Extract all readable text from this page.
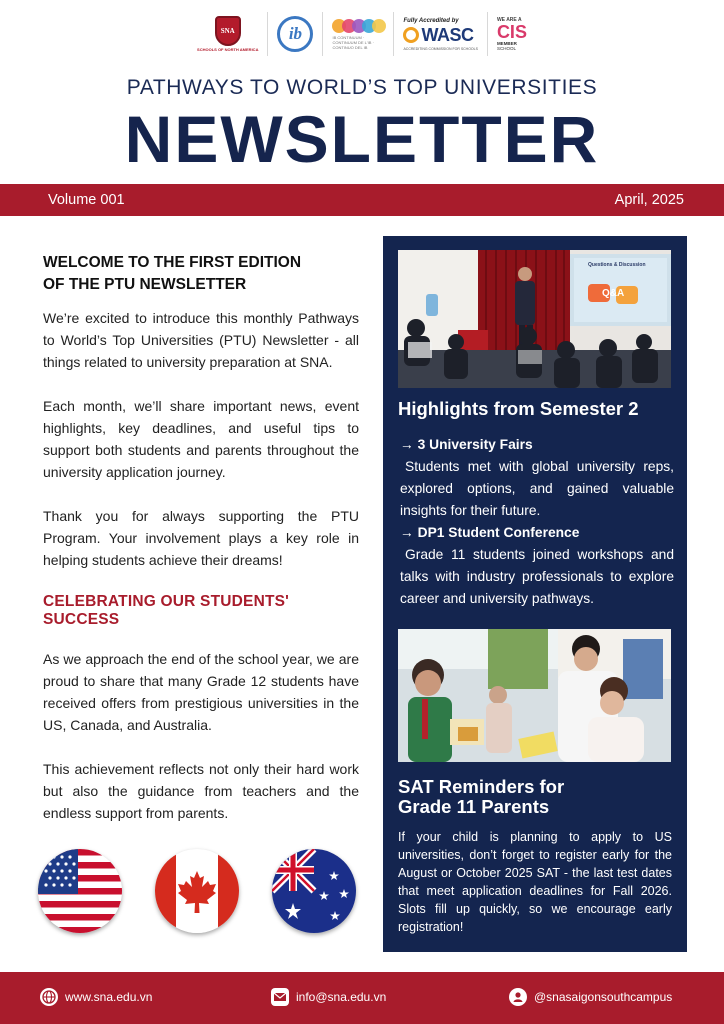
SNA
SCHOOLS OF NORTH AMERICA
ib	IB CONTINUUM · CONTINUUM DE L'IB · CONTINUO DEL IB
Fully Accredited by
WASC
ACCREDITING COMMISSION FOR SCHOOLS
WE ARE A
CIS
MEMBER
SCHOOL
PATHWAYS TO WORLD’S TOP UNIVERSITIES
NEWSLETTER
Volume 001	April, 2025
WELCOME TO THE FIRST EDITION
OF THE PTU NEWSLETTER

We’re excited to introduce this monthly Pathways to World’s Top Universities (PTU) Newsletter - all things related to university preparation at SNA.

Each month, we’ll share important news, event highlights, key deadlines, and useful tips to support both students and parents throughout the university application journey.

Thank you for always supporting the PTU Program. Your involvement plays a key role in helping students achieve their dreams!

CELEBRATING OUR STUDENTS' SUCCESS

As we approach the end of the school year, we are proud to share that many Grade 12 students have received offers from prestigious universities in the US, Canada, and Australia.

This achievement reflects not only their hard work but also the guidance from teachers and the endless support from parents.

Questions & Discussion
Q&A
Highlights from Semester 2
→ 3 University Fairs
Students met with global university reps, explored options, and gained valuable insights for their future.
→ DP1 Student Conference
Grade 11 students joined workshops and talks with industry professionals to explore career and university pathways.
SAT Reminders for
Grade 11 Parents
If your child is planning to apply to US universities, don’t forget to register early for the August or October 2025 SAT - the last test dates that meet application deadlines for Fall 2026. Slots fill up quickly, so we encourage early registration!
www.sna.edu.vn	info@sna.edu.vn	@snasaigonsouthcampus
